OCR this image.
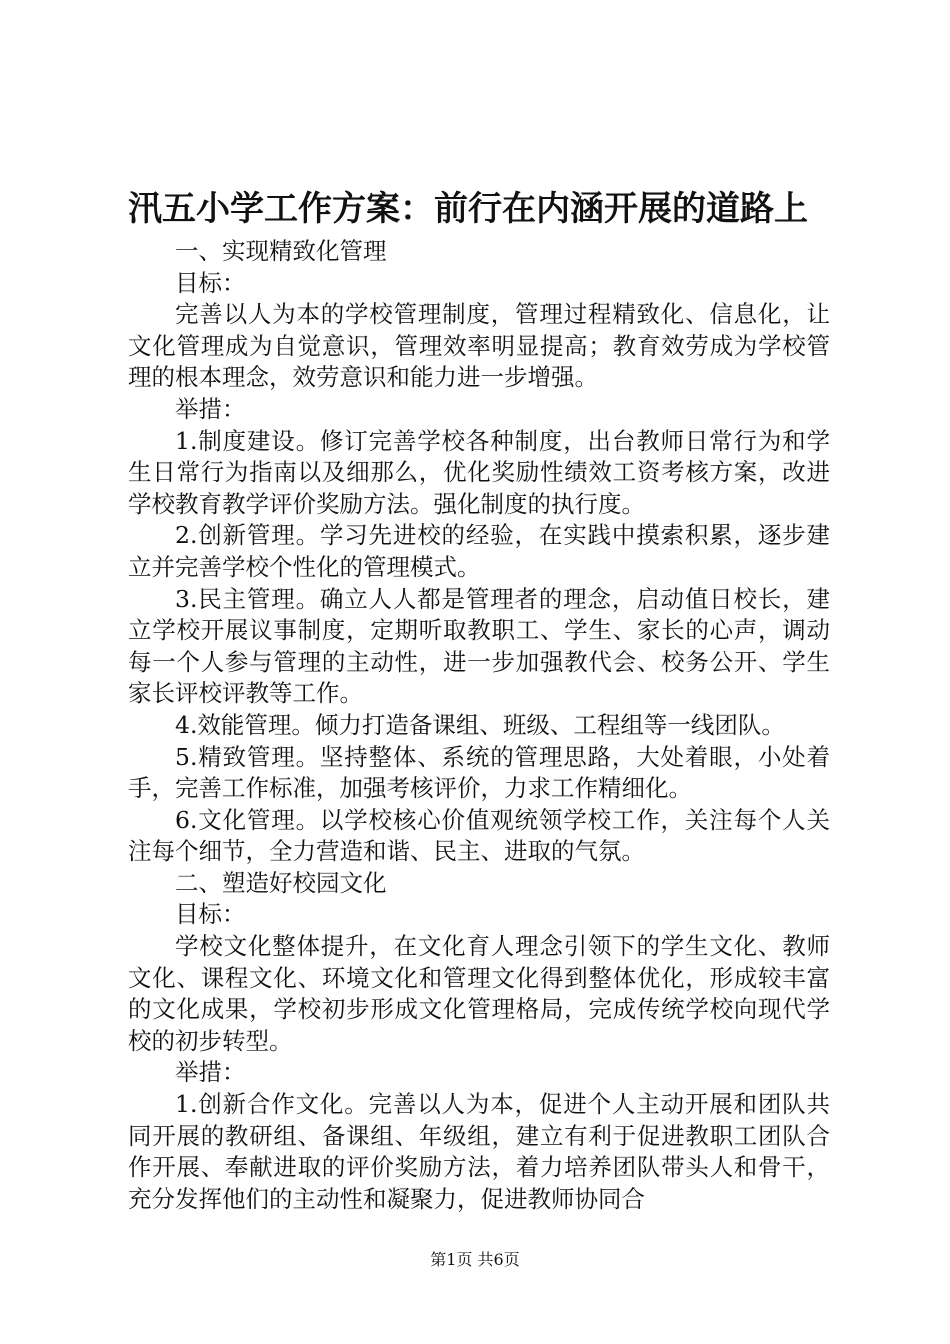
汛五小学工作方案：前行在内涵开展的道路上

一、实现精致化管理

目标：

完善以人为本的学校管理制度，管理过程精致化、信息化，让文化管理成为自觉意识，管理效率明显提高；教育效劳成为学校管理的根本理念，效劳意识和能力进一步增强。

举措：

1.制度建设。修订完善学校各种制度，出台教师日常行为和学生日常行为指南以及细那么，优化奖励性绩效工资考核方案，改进学校教育教学评价奖励方法。强化制度的执行度。

2.创新管理。学习先进校的经验，在实践中摸索积累，逐步建立并完善学校个性化的管理模式。

3.民主管理。确立人人都是管理者的理念，启动值日校长，建立学校开展议事制度，定期听取教职工、学生、家长的心声，调动每一个人参与管理的主动性，进一步加强教代会、校务公开、学生家长评校评教等工作。

4.效能管理。倾力打造备课组、班级、工程组等一线团队。

5.精致管理。坚持整体、系统的管理思路，大处着眼，小处着手，完善工作标准，加强考核评价，力求工作精细化。

6.文化管理。以学校核心价值观统领学校工作，关注每个人关注每个细节，全力营造和谐、民主、进取的气氛。

二、塑造好校园文化

目标：

学校文化整体提升，在文化育人理念引领下的学生文化、教师文化、课程文化、环境文化和管理文化得到整体优化，形成较丰富的文化成果，学校初步形成文化管理格局，完成传统学校向现代学校的初步转型。

举措：

1.创新合作文化。完善以人为本，促进个人主动开展和团队共同开展的教研组、备课组、年级组，建立有利于促进教职工团队合作开展、奉献进取的评价奖励方法，着力培养团队带头人和骨干，充分发挥他们的主动性和凝聚力，促进教师协同合

第1页 共6页
